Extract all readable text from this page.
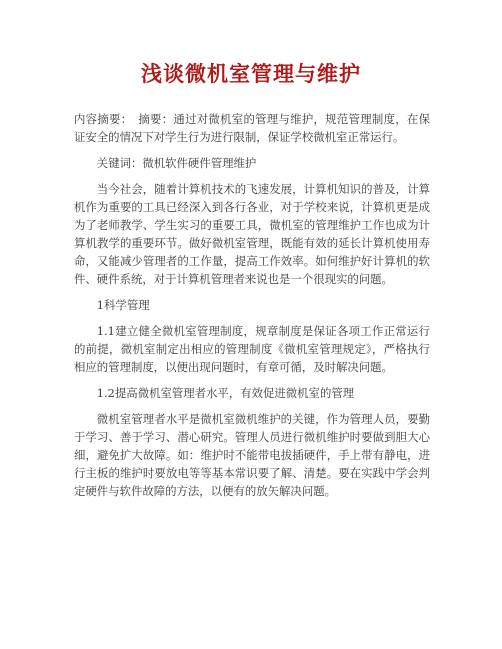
浅谈微机室管理与维护

内容摘要：　摘要：通过对微机室的管理与维护，规范管理制度，在保证安全的情况下对学生行为进行限制，保证学校微机室正常运行。

关键词：微机软件硬件管理维护

当今社会，随着计算机技术的飞速发展，计算机知识的普及，计算机作为重要的工具已经深入到各行各业，对于学校来说，计算机更是成为了老师教学、学生实习的重要工具，微机室的管理维护工作也成为计算机教学的重要环节。做好微机室管理，既能有效的延长计算机使用寿命，又能减少管理者的工作量，提高工作效率。如何维护好计算机的软件、硬件系统，对于计算机管理者来说也是一个很现实的问题。

1科学管理

1.1建立健全微机室管理制度，规章制度是保证各项工作正常运行的前提，微机室制定出相应的管理制度《微机室管理规定》，严格执行相应的管理制度，以便出现问题时，有章可循，及时解决问题。

1.2提高微机室管理者水平，有效促进微机室的管理

微机室管理者水平是微机室微机维护的关键，作为管理人员，要勤于学习、善于学习、潜心研究。管理人员进行微机维护时要做到胆大心细，避免扩大故障。如：维护时不能带电拔插硬件，手上带有静电，进行主板的维护时要放电等等基本常识要了解、清楚。要在实践中学会判定硬件与软件故障的方法，以便有的放矢解决问题。
